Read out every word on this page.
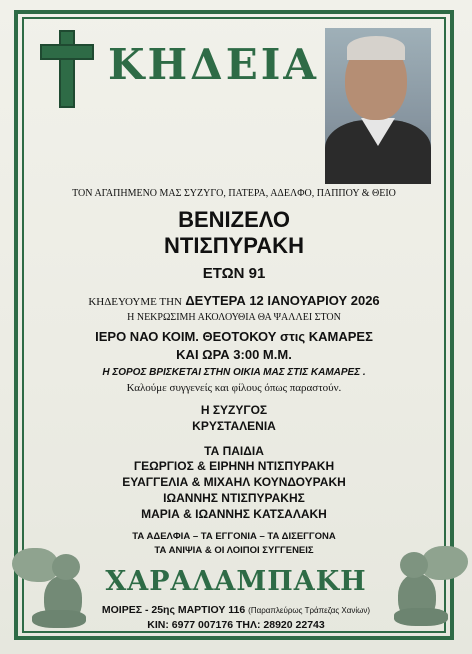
ΚΗΔΕΙΑ
ΤΟΝ ΑΓΑΠΗΜΕΝΟ ΜΑΣ ΣΥΖΥΓΟ, ΠΑΤΕΡΑ, ΑΔΕΛΦΟ, ΠΑΠΠΟΥ & ΘΕΙΟ
ΒΕΝΙΖΕΛΟ
ΝΤΙΣΠΥΡΑΚΗ
ΕΤΩΝ 91
ΚΗΔΕΥΟΥΜΕ ΤΗΝ ΔΕΥΤΕΡΑ 12 ΙΑΝΟΥΑΡΙΟΥ 2026
Η ΝΕΚΡΩΣΙΜΗ ΑΚΟΛΟΥΘΙΑ ΘΑ ΨΑΛΛΕΙ ΣΤΟΝ
ΙΕΡΟ ΝΑΟ ΚΟΙΜ. ΘΕΟΤΟΚΟΥ στις ΚΑΜΑΡΕΣ
ΚΑΙ ΩΡΑ 3:00 Μ.Μ.
Η ΣΟΡΟΣ ΒΡΙΣΚΕΤΑΙ ΣΤΗΝ ΟΙΚΙΑ ΜΑΣ ΣΤΙΣ ΚΑΜΑΡΕΣ .
Καλούμε συγγενείς και φίλους όπως παραστούν.
Η ΣΥΖΥΓΟΣ
ΚΡΥΣΤΑΛΕΝΙΑ
ΤΑ ΠΑΙΔΙΑ
ΓΕΩΡΓΙΟΣ & ΕΙΡΗΝΗ ΝΤΙΣΠΥΡΑΚΗ
ΕΥΑΓΓΕΛΙΑ & ΜΙΧΑΗΛ ΚΟΥΝΔΟΥΡΑΚΗ
ΙΩΑΝΝΗΣ ΝΤΙΣΠΥΡΑΚΗΣ
ΜΑΡΙΑ & ΙΩΑΝΝΗΣ ΚΑΤΣΑΛΑΚΗ
ΤΑ ΑΔΕΛΦΙΑ – ΤΑ ΕΓΓΟΝΙΑ – ΤΑ ΔΙΣΕΓΓΟΝΑ
ΤΑ ΑΝΙΨΙΑ & ΟΙ ΛΟΙΠΟΙ ΣΥΓΓΕΝΕΙΣ
ΧΑΡΑΛΑΜΠΑΚΗ
ΜΟΙΡΕΣ - 25ης ΜΑΡΤΙΟΥ 116 (Παραπλεύρως Τράπεζας Χανίων)
ΚΙΝ: 6977 007176 ΤΗΛ: 28920 22743
